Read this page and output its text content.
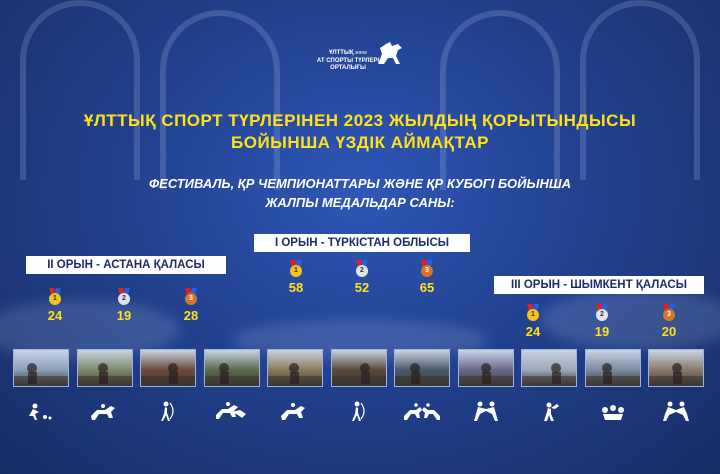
ҰЛТТЫҚ және
АТ СПОРТЫ ТҮРЛЕРІ
ОРТАЛЫҒЫ
ҰЛТТЫҚ СПОРТ ТҮРЛЕРІНЕН 2023 ЖЫЛДЫҢ ҚОРЫТЫНДЫСЫ
БОЙЫНША ҮЗДІК АЙМАҚТАР
ФЕСТИВАЛЬ, ҚР ЧЕМПИОНАТТАРЫ ЖӘНЕ ҚР КУБОГІ БОЙЫНША
ЖАЛПЫ МЕДАЛЬДАР САНЫ:
I ОРЫН - ТҮРКІСТАН ОБЛЫСЫ
1
58
2
52
3
65
II ОРЫН - АСТАНА ҚАЛАСЫ
1
24
2
19
3
28
III ОРЫН - ШЫМКЕНТ ҚАЛАСЫ
1
24
2
19
3
20
